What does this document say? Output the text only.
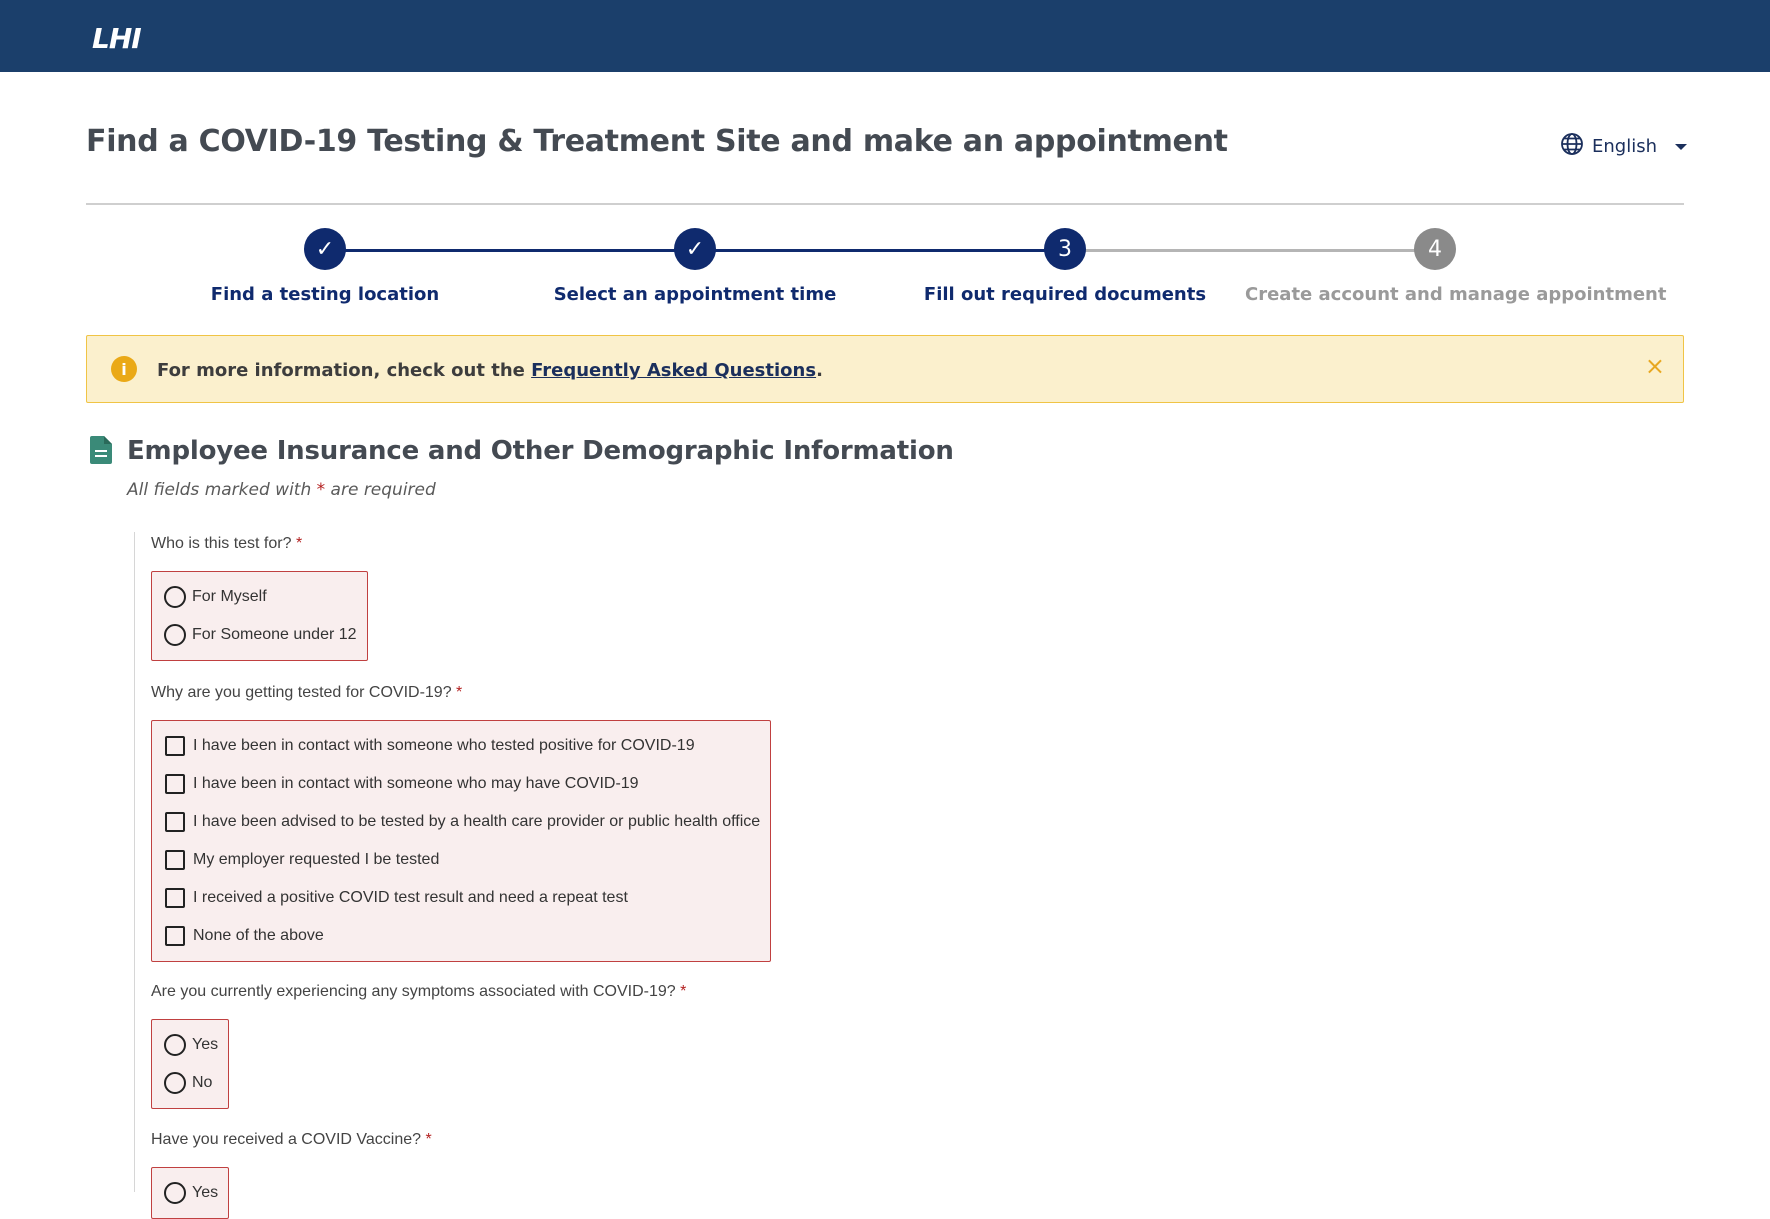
LHI
Find a COVID-19 Testing & Treatment Site and make an appointment	English
✓
Find a testing location
✓
Select an appointment time
3
Fill out required documents
4
Create account and manage appointment
i	For more information, check out the Frequently Asked Questions.	×
Employee Insurance and Other Demographic Information
All fields marked with * are required
Who is this test for? *
For Myself
For Someone under 12
Why are you getting tested for COVID-19? *
I have been in contact with someone who tested positive for COVID-19
I have been in contact with someone who may have COVID-19
I have been advised to be tested by a health care provider or public health office
My employer requested I be tested
I received a positive COVID test result and need a repeat test
None of the above
Are you currently experiencing any symptoms associated with COVID-19? *
Yes
No
Have you received a COVID Vaccine? *
Yes
